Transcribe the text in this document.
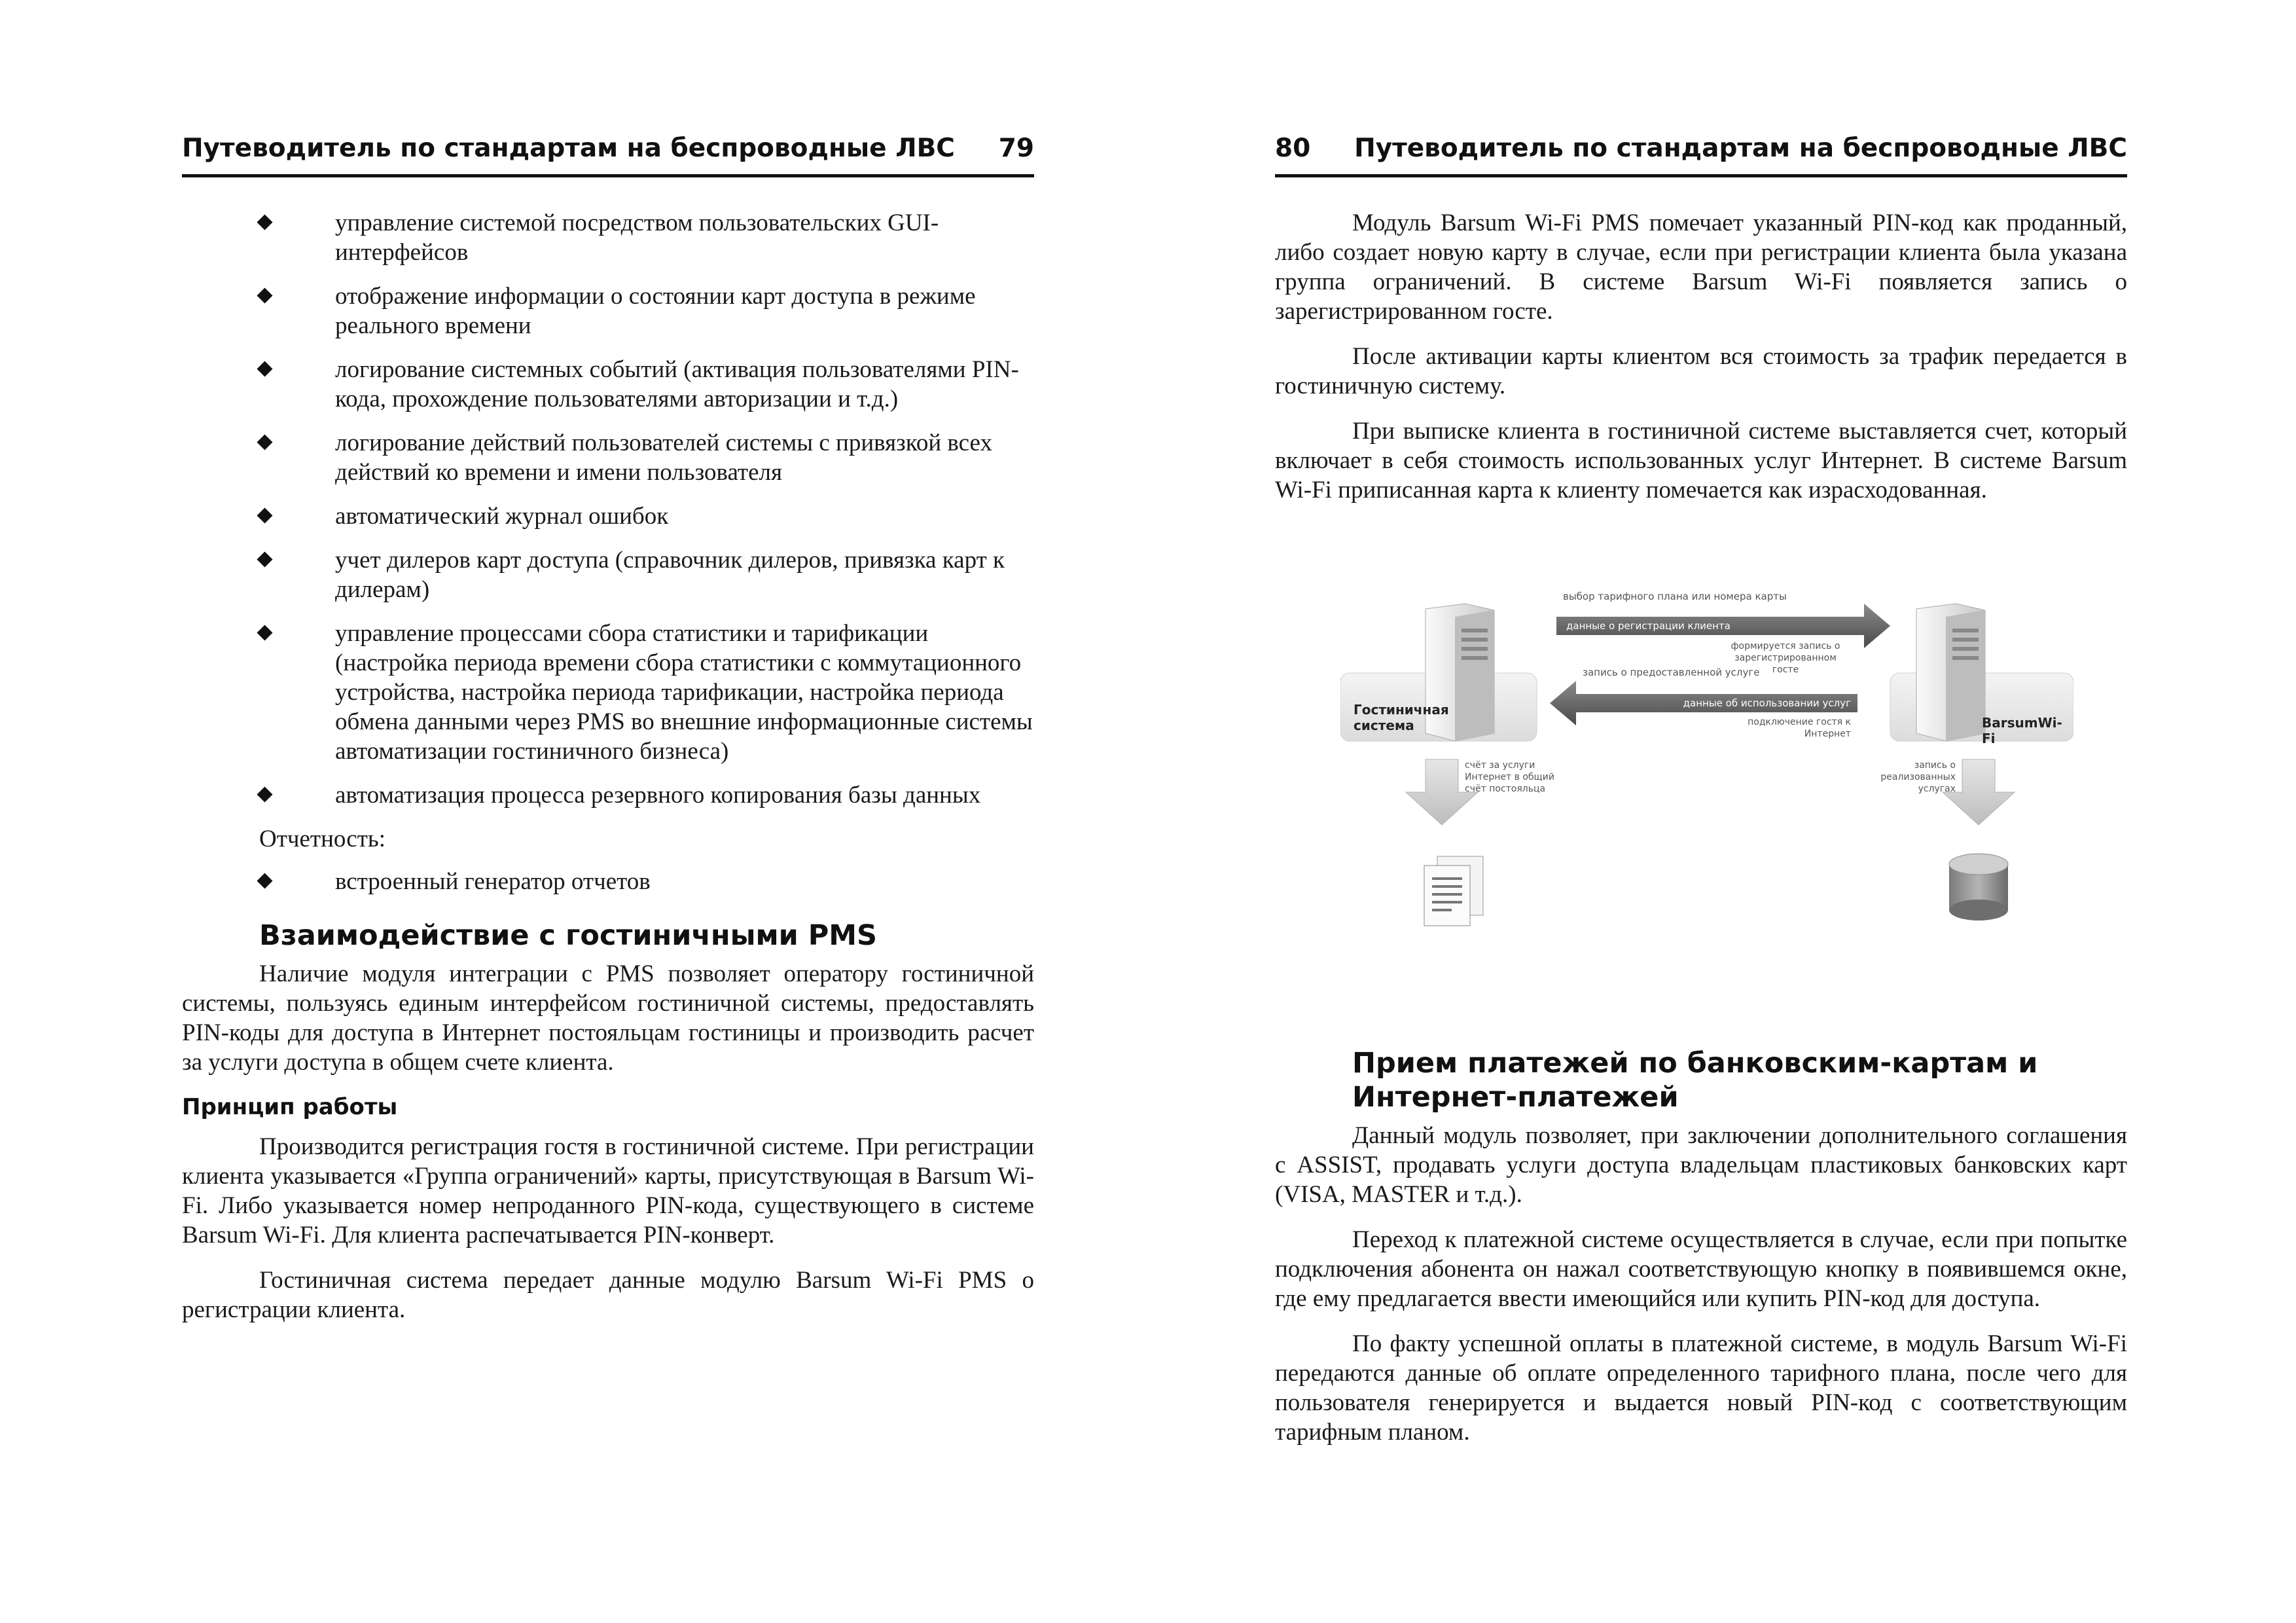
Путеводитель по стандартам на беспроводные ЛВС 79
управление системой посредством пользовательских GUI-интерфейсов
отображение информации о состоянии карт доступа в режиме реального времени
логирование системных событий (активация пользователями PIN-кода, прохождение пользователями авторизации и т.д.)
логирование действий пользователей системы с привязкой всех действий ко времени и имени пользователя
автоматический журнал ошибок
учет дилеров карт доступа (справочник дилеров, привязка карт к дилерам)
управление процессами сбора статистики и тарификации (настройка периода времени сбора статистики с коммутационного устройства, настройка периода тарификации, настройка периода обмена данными через PMS во внешние информационные системы автоматизации гостиничного бизнеса)
автоматизация процесса резервного копирования базы данных

Отчетность:

встроенный генератор отчетов
Взаимодействие с гостиничными PMS

Наличие модуля интеграции с PMS позволяет оператору гостиничной системы, пользуясь единым интерфейсом гостиничной системы, предоставлять PIN-коды для доступа в Интернет постояльцам гостиницы и производить расчет за услуги доступа в общем счете клиента.

Принцип работы

Производится регистрация гостя в гостиничной системе. При регистрации клиента указывается «Группа ограничений» карты, присутствующая в Barsum Wi-Fi. Либо указывается номер непроданного PIN-кода, существующего в системе Barsum Wi-Fi. Для клиента распечатывается PIN-конверт.

Гостиничная система передает данные модулю Barsum Wi-Fi PMS о регистрации клиента.

80 Путеводитель по стандартам на беспроводные ЛВС

Модуль Barsum Wi-Fi PMS помечает указанный PIN-код как проданный, либо создает новую карту в случае, если при регистрации клиента была указана группа ограничений. В системе Barsum Wi-Fi появляется запись о зарегистрированном госте.

После активации карты клиентом вся стоимость за трафик передается в гостиничную систему.

При выписке клиента в гостиничной системе выставляется счет, который включает в себя стоимость использованных услуг Интернет. В системе Barsum Wi-Fi приписанная карта к клиенту помечается как израсходованная.

Гостиничная система	BarsumWi-Fi
выбор тарифного плана или номера карты
данные о регистрации клиента
формируется запись о зарегистрированном госте
запись о предоставленной услуге
данные об использовании услуг
подключение гостя к Интернет
счёт за услуги Интернет в общий счёт постояльца
запись о реализованных услугах
Прием платежей по банковским-картам и Интернет-платежей

Данный модуль позволяет, при заключении дополнительного соглашения с ASSIST, продавать услуги доступа владельцам пластиковых банковских карт (VISA, MASTER и т.д.).

Переход к платежной системе осуществляется в случае, если при попытке подключения абонента он нажал соответствующую кнопку в появившемся окне, где ему предлагается ввести имеющийся или купить PIN-код для доступа.

По факту успешной оплаты в платежной системе, в модуль Barsum Wi-Fi передаются данные об оплате определенного тарифного плана, после чего для пользователя генерируется и выдается новый PIN-код с соответствующим тарифным планом.
